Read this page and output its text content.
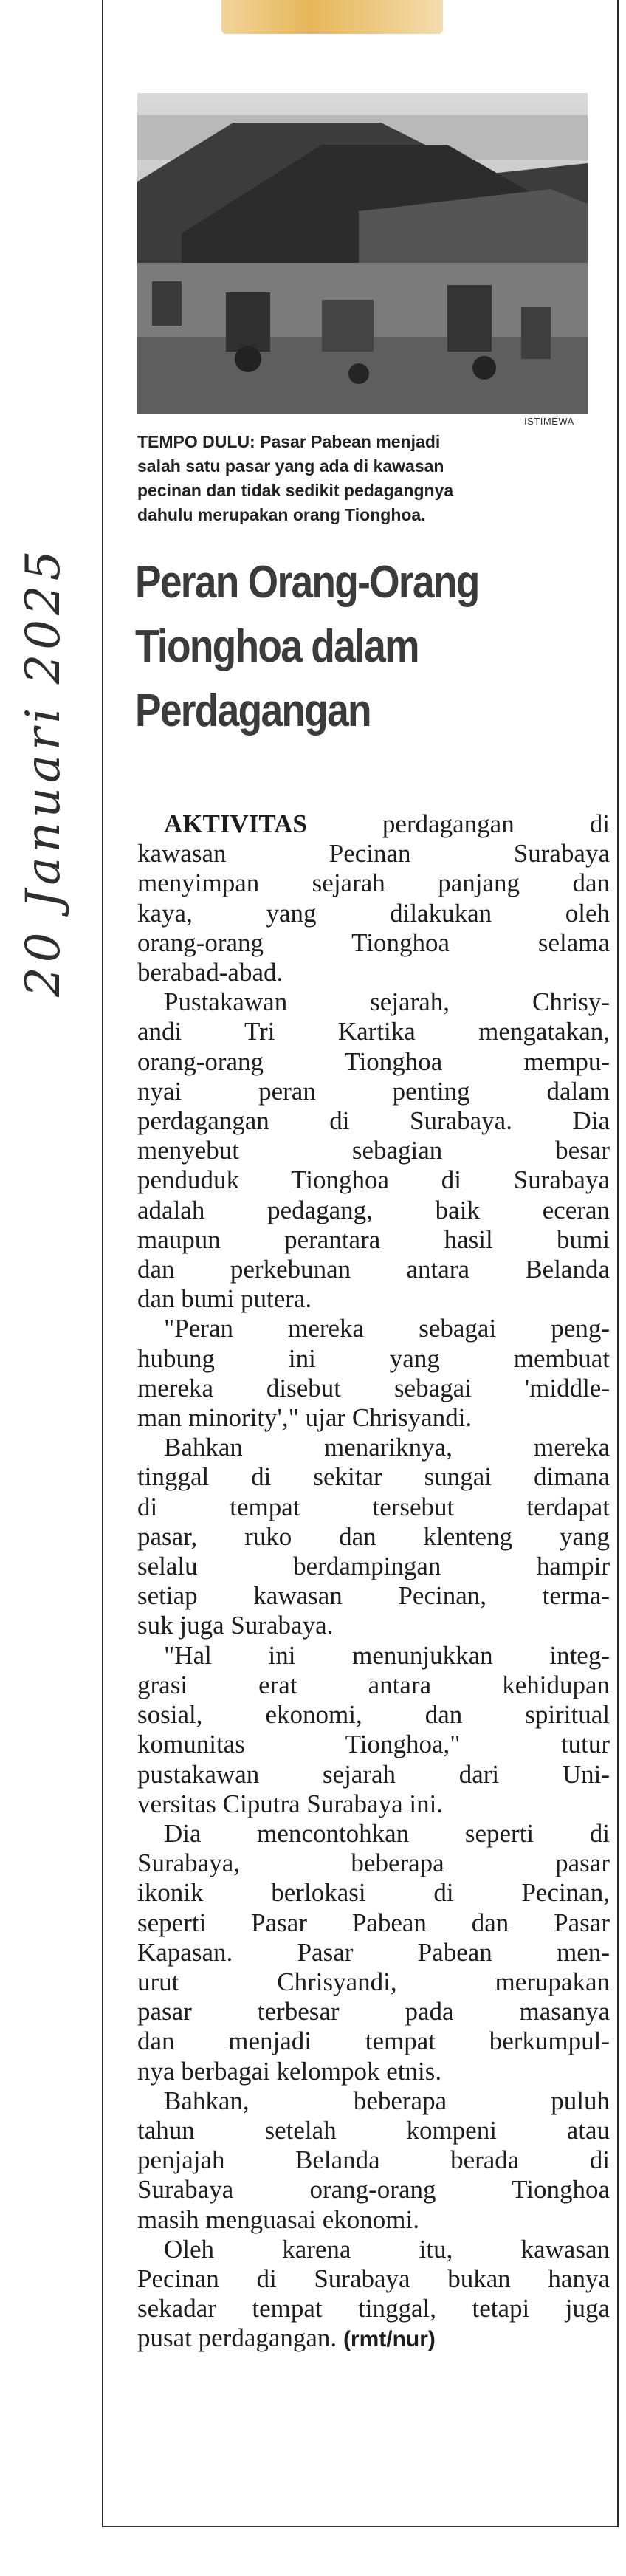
20 Januari 2025
ISTIMEWA

TEMPO DULU: Pasar Pabean menjadi

salah satu pasar yang ada di kawasan

pecinan dan tidak sedikit pedagangnya

dahulu merupakan orang Tionghoa.

Peran Orang-Orang
Tionghoa dalam
Perdagangan
AKTIVITAS perdagangan di
kawasan Pecinan Surabaya
menyimpan sejarah panjang dan
kaya, yang dilakukan oleh
orang-orang Tionghoa selama
berabad-abad.
Pustakawan sejarah, Chrisy-
andi Tri Kartika mengatakan,
orang-orang Tionghoa mempu-
nyai peran penting dalam
perdagangan di Surabaya. Dia
menyebut sebagian besar
penduduk Tionghoa di Surabaya
adalah pedagang, baik eceran
maupun perantara hasil bumi
dan perkebunan antara Belanda
dan bumi putera.
"Peran mereka sebagai peng-
hubung ini yang membuat
mereka disebut sebagai 'middle-
man minority'," ujar Chrisyandi.
Bahkan menariknya, mereka
tinggal di sekitar sungai dimana
di tempat tersebut terdapat
pasar, ruko dan klenteng yang
selalu berdampingan hampir
setiap kawasan Pecinan, terma-
suk juga Surabaya.
"Hal ini menunjukkan integ-
grasi erat antara kehidupan
sosial, ekonomi, dan spiritual
komunitas Tionghoa," tutur
pustakawan sejarah dari Uni-
versitas Ciputra Surabaya ini.
Dia mencontohkan seperti di
Surabaya, beberapa pasar
ikonik berlokasi di Pecinan,
seperti Pasar Pabean dan Pasar
Kapasan. Pasar Pabean men-
urut Chrisyandi, merupakan
pasar terbesar pada masanya
dan menjadi tempat berkumpul-
nya berbagai kelompok etnis.
Bahkan, beberapa puluh
tahun setelah kompeni atau
penjajah Belanda berada di
Surabaya orang-orang Tionghoa
masih menguasai ekonomi.
Oleh karena itu, kawasan
Pecinan di Surabaya bukan hanya
sekadar tempat tinggal, tetapi juga
pusat perdagangan. (rmt/nur)
